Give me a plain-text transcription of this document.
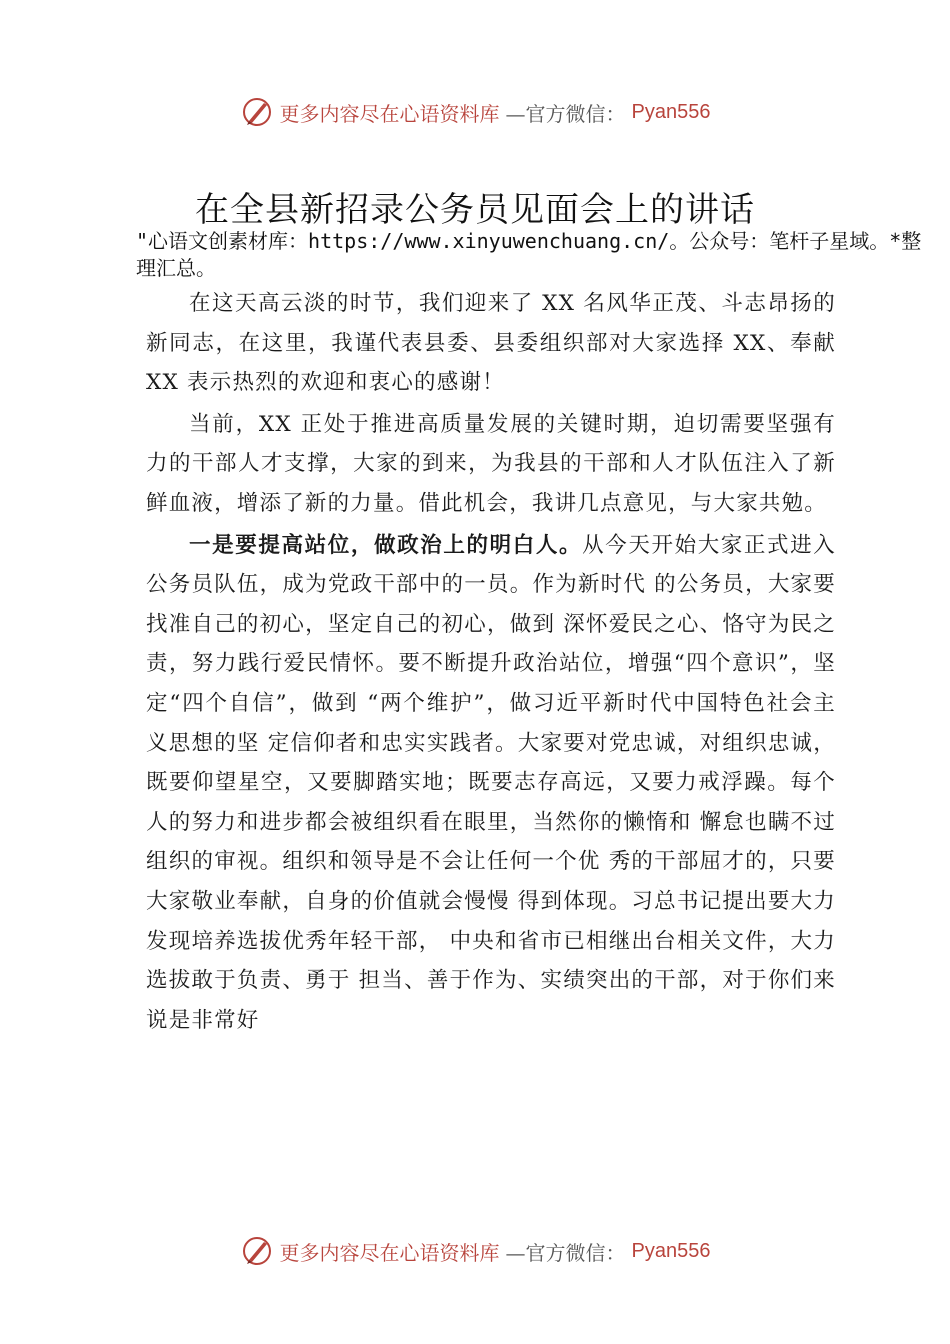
更多内容尽在心语资料库 —官方微信： Pyan556
在全县新招录公务员见面会上的讲话
"心语文创素材库：https://www.xinyuwenchuang.cn/。公众号：笔杆子星域。*整理汇总。

在这天高云淡的时节，我们迎来了 XX 名风华正茂、斗志昂扬的新同志，在这里，我谨代表县委、县委组织部对大家选择 XX、奉献 XX 表示热烈的欢迎和衷心的感谢！

当前，XX 正处于推进高质量发展的关键时期，迫切需要坚强有力的干部人才支撑，大家的到来，为我县的干部和人才队伍注入了新鲜血液，增添了新的力量。借此机会，我讲几点意见，与大家共勉。

一是要提高站位，做政治上的明白人。从今天开始大家正式进入公务员队伍，成为党政干部中的一员。作为新时代 的公务员，大家要找准自己的初心，坚定自己的初心，做到 深怀爱民之心、恪守为民之责，努力践行爱民情怀。要不断提升政治站位，增强“四个意识”，坚定“四个自信”，做到 “两个维护”，做习近平新时代中国特色社会主义思想的坚 定信仰者和忠实实践者。大家要对党忠诚，对组织忠诚，既要仰望星空，又要脚踏实地；既要志存高远，又要力戒浮躁。每个人的努力和进步都会被组织看在眼里，当然你的懒惰和 懈怠也瞒不过组织的审视。组织和领导是不会让任何一个优 秀的干部屈才的，只要大家敬业奉献，自身的价值就会慢慢 得到体现。习总书记提出要大力发现培养选拔优秀年轻干部， 中央和省市已相继出台相关文件，大力选拔敢于负责、勇于 担当、善于作为、实绩突出的干部，对于你们来说是非常好

更多内容尽在心语资料库 —官方微信： Pyan556
